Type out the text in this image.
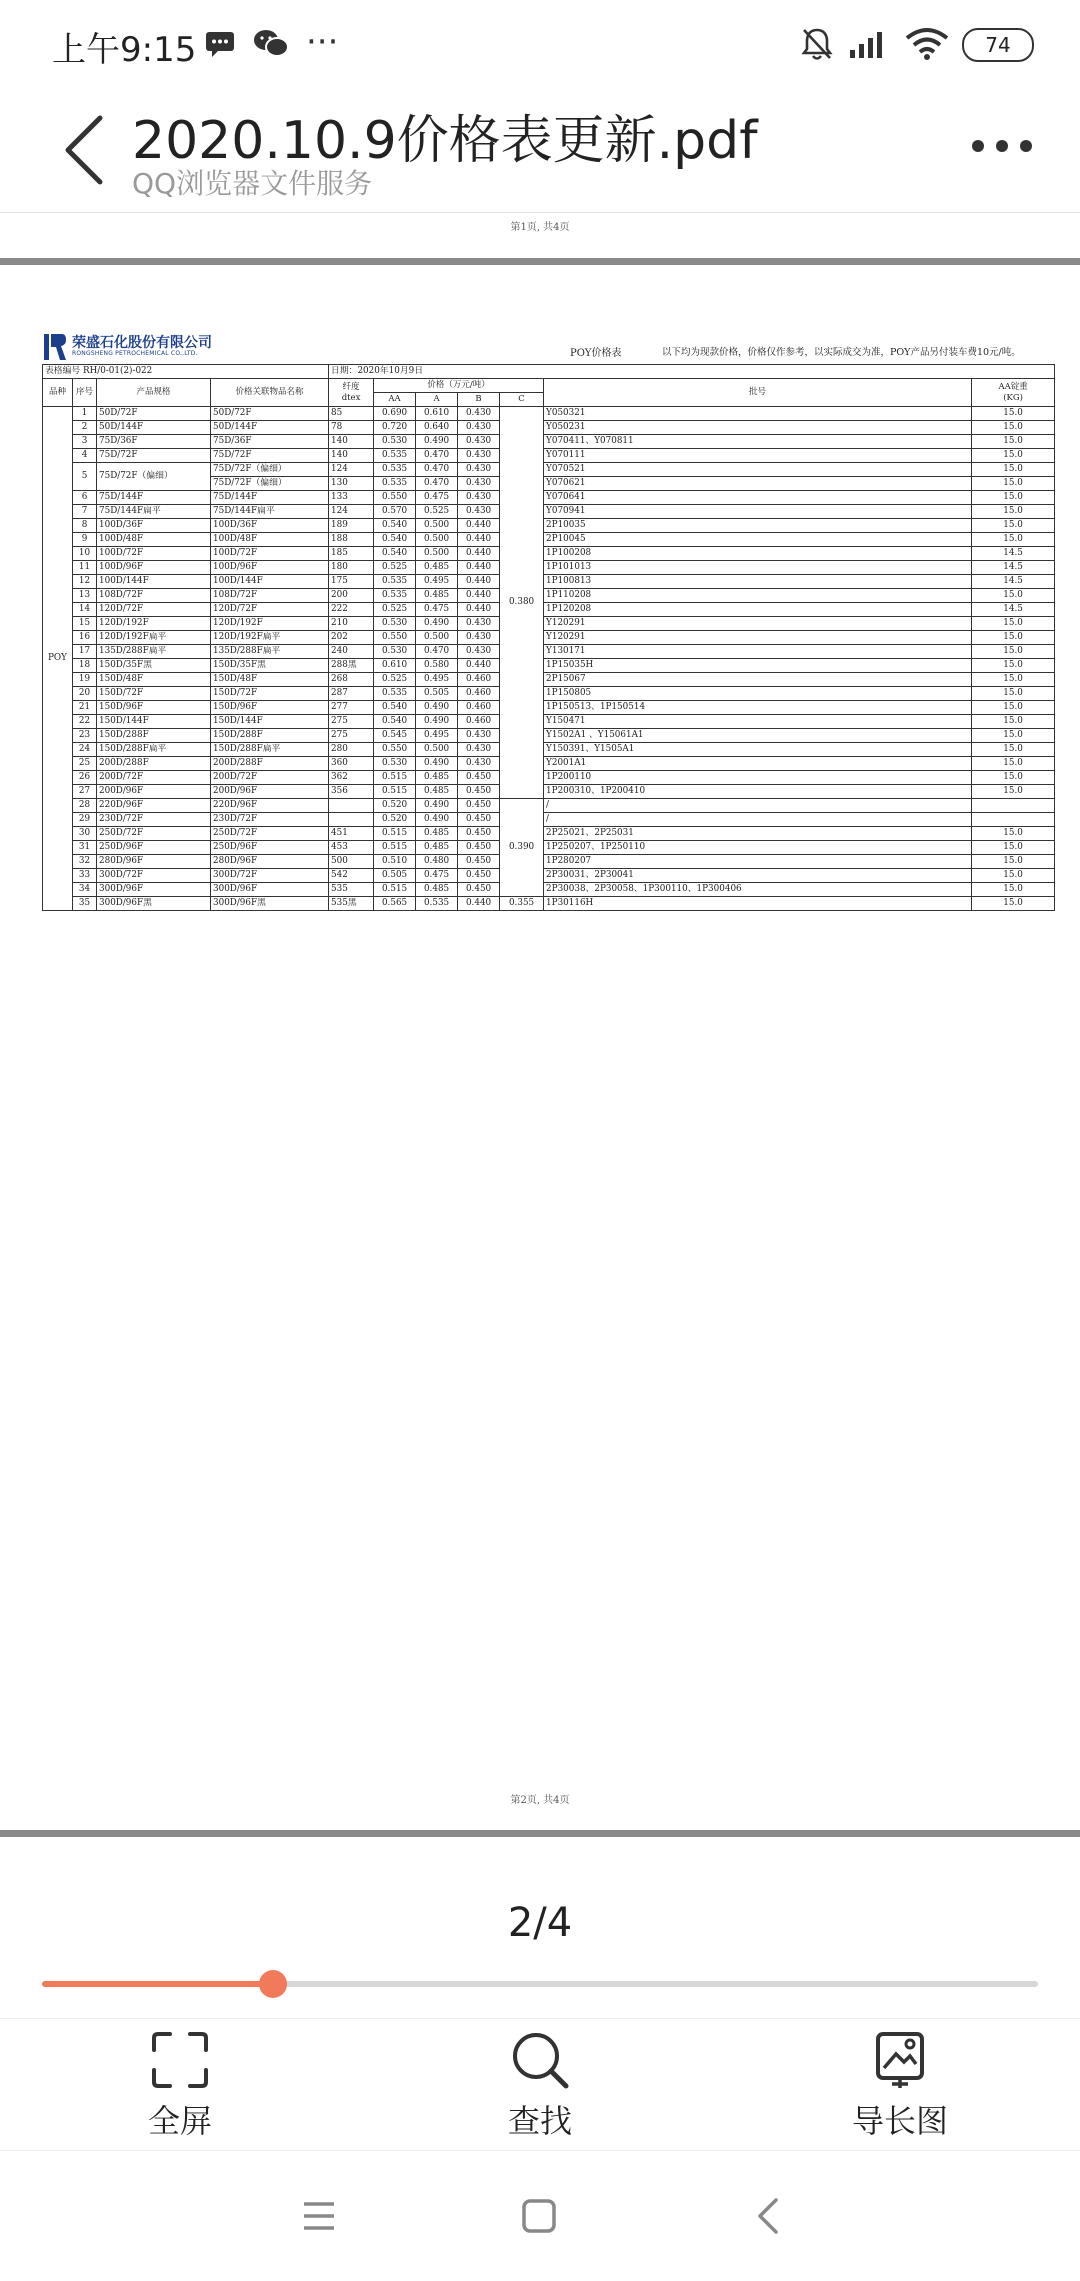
上午9:15	···	74
2020.10.9价格表更新.pdf
QQ浏览器文件服务
第1页, 共4页
荣盛石化股份有限公司
RONGSHENG PETROCHEMICAL CO.,LTD.	POY价格表	以下均为现款价格，价格仅作参考，以实际成交为准，POY产品另付装车费10元/吨。
表格编号 RH/0-01(2)-022				日期：2020年10月9日						
品种	序号	产品规格	价格关联物品名称	纤度
dtex	价格（万元/吨）				批号	AA锭重
(KG)
					AA	A	B	C		
POY	1	50D/72F	50D/72F	85	0.690	0.610	0.430	0.380	Y050321	15.0
	2	50D/144F	50D/144F	78	0.720	0.640	0.430		Y050231	15.0
	3	75D/36F	75D/36F	140	0.530	0.490	0.430		Y070411、Y070811	15.0
	4	75D/72F	75D/72F	140	0.535	0.470	0.430		Y070111	15.0
	5	75D/72F（偏细）	75D/72F（偏细）	124	0.535	0.470	0.430		Y070521	15.0
			75D/72F（偏细）	130	0.535	0.470	0.430		Y070621	15.0
	6	75D/144F	75D/144F	133	0.550	0.475	0.430		Y070641	15.0
	7	75D/144F扁平	75D/144F扁平	124	0.570	0.525	0.430		Y070941	15.0
	8	100D/36F	100D/36F	189	0.540	0.500	0.440		2P10035	15.0
	9	100D/48F	100D/48F	188	0.540	0.500	0.440		2P10045	15.0
	10	100D/72F	100D/72F	185	0.540	0.500	0.440		1P100208	14.5
	11	100D/96F	100D/96F	180	0.525	0.485	0.440		1P101013	14.5
	12	100D/144F	100D/144F	175	0.535	0.495	0.440		1P100813	14.5
	13	108D/72F	108D/72F	200	0.535	0.485	0.440		1P110208	15.0
	14	120D/72F	120D/72F	222	0.525	0.475	0.440		1P120208	14.5
	15	120D/192F	120D/192F	210	0.530	0.490	0.430		Y120291	15.0
	16	120D/192F扁平	120D/192F扁平	202	0.550	0.500	0.430		Y120291	15.0
	17	135D/288F扁平	135D/288F扁平	240	0.530	0.470	0.430		Y130171	15.0
	18	150D/35F黑	150D/35F黑	288黑	0.610	0.580	0.440		1P15035H	15.0
	19	150D/48F	150D/48F	268	0.525	0.495	0.460		2P15067	15.0
	20	150D/72F	150D/72F	287	0.535	0.505	0.460		1P150805	15.0
	21	150D/96F	150D/96F	277	0.540	0.490	0.460		1P150513、1P150514	15.0
	22	150D/144F	150D/144F	275	0.540	0.490	0.460		Y150471	15.0
	23	150D/288F	150D/288F	275	0.545	0.495	0.430		Y1502A1 、Y15061A1	15.0
	24	150D/288F扁平	150D/288F扁平	280	0.550	0.500	0.430		Y150391、Y1505A1	15.0
	25	200D/288F	200D/288F	360	0.530	0.490	0.430		Y2001A1	15.0
	26	200D/72F	200D/72F	362	0.515	0.485	0.450		1P200110	15.0
	27	200D/96F	200D/96F	356	0.515	0.485	0.450		1P200310、1P200410	15.0
	28	220D/96F	220D/96F		0.520	0.490	0.450	0.390	/	
	29	230D/72F	230D/72F		0.520	0.490	0.450		/	
	30	250D/72F	250D/72F	451	0.515	0.485	0.450		2P25021、2P25031	15.0
	31	250D/96F	250D/96F	453	0.515	0.485	0.450		1P250207、1P250110	15.0
	32	280D/96F	280D/96F	500	0.510	0.480	0.450		1P280207	15.0
	33	300D/72F	300D/72F	542	0.505	0.475	0.450		2P30031、2P30041	15.0
	34	300D/96F	300D/96F	535	0.515	0.485	0.450		2P30038、2P30058、1P300110、1P300406	15.0
	35	300D/96F黑	300D/96F黑	535黑	0.565	0.535	0.440	0.355	1P30116H	15.0
第2页, 共4页
2/4
全屏	查找	导长图
